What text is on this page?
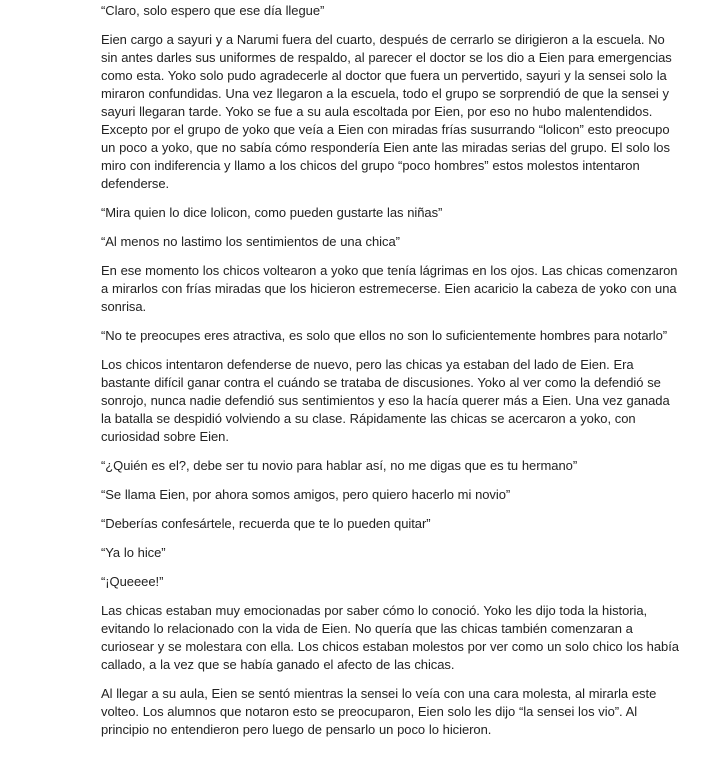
“Claro, solo espero que ese día llegue”

Eien cargo a sayuri y a Narumi fuera del cuarto, después de cerrarlo se dirigieron a la escuela. No sin antes darles sus uniformes de respaldo, al parecer el doctor se los dio a Eien para emergencias como esta. Yoko solo pudo agradecerle al doctor que fuera un pervertido, sayuri y la sensei solo la miraron confundidas. Una vez llegaron a la escuela, todo el grupo se sorprendió de que la sensei y sayuri llegaran tarde. Yoko se fue a su aula escoltada por Eien, por eso no hubo malentendidos. Excepto por el grupo de yoko que veía a Eien con miradas frías susurrando “lolicon” esto preocupo un poco a yoko, que no sabía cómo respondería Eien ante las miradas serias del grupo. El solo los miro con indiferencia y llamo a los chicos del grupo “poco hombres” estos molestos intentaron defenderse.

“Mira quien lo dice lolicon, como pueden gustarte las niñas”

“Al menos no lastimo los sentimientos de una chica”

En ese momento los chicos voltearon a yoko que tenía lágrimas en los ojos. Las chicas comenzaron a mirarlos con frías miradas que los hicieron estremecerse. Eien acaricio la cabeza de yoko con una sonrisa.

“No te preocupes eres atractiva, es solo que ellos no son lo suficientemente hombres para notarlo”

Los chicos intentaron defenderse de nuevo, pero las chicas ya estaban del lado de Eien. Era bastante difícil ganar contra el cuándo se trataba de discusiones. Yoko al ver como la defendió se sonrojo, nunca nadie defendió sus sentimientos y eso la hacía querer más a Eien. Una vez ganada la batalla se despidió volviendo a su clase. Rápidamente las chicas se acercaron a yoko, con curiosidad sobre Eien.

“¿Quién es el?, debe ser tu novio para hablar así, no me digas que es tu hermano”

“Se llama Eien, por ahora somos amigos, pero quiero hacerlo mi novio”

“Deberías confesártele, recuerda que te lo pueden quitar”

“Ya lo hice”

“¡Queeee!”

Las chicas estaban muy emocionadas por saber cómo lo conoció. Yoko les dijo toda la historia, evitando lo relacionado con la vida de Eien. No quería que las chicas también comenzaran a curiosear y se molestara con ella. Los chicos estaban molestos por ver como un solo chico los había callado, a la vez que se había ganado el afecto de las chicas.

Al llegar a su aula, Eien se sentó mientras la sensei lo veía con una cara molesta, al mirarla este volteo. Los alumnos que notaron esto se preocuparon, Eien solo les dijo “la sensei los vio”. Al principio no entendieron pero luego de pensarlo un poco lo hicieron.
